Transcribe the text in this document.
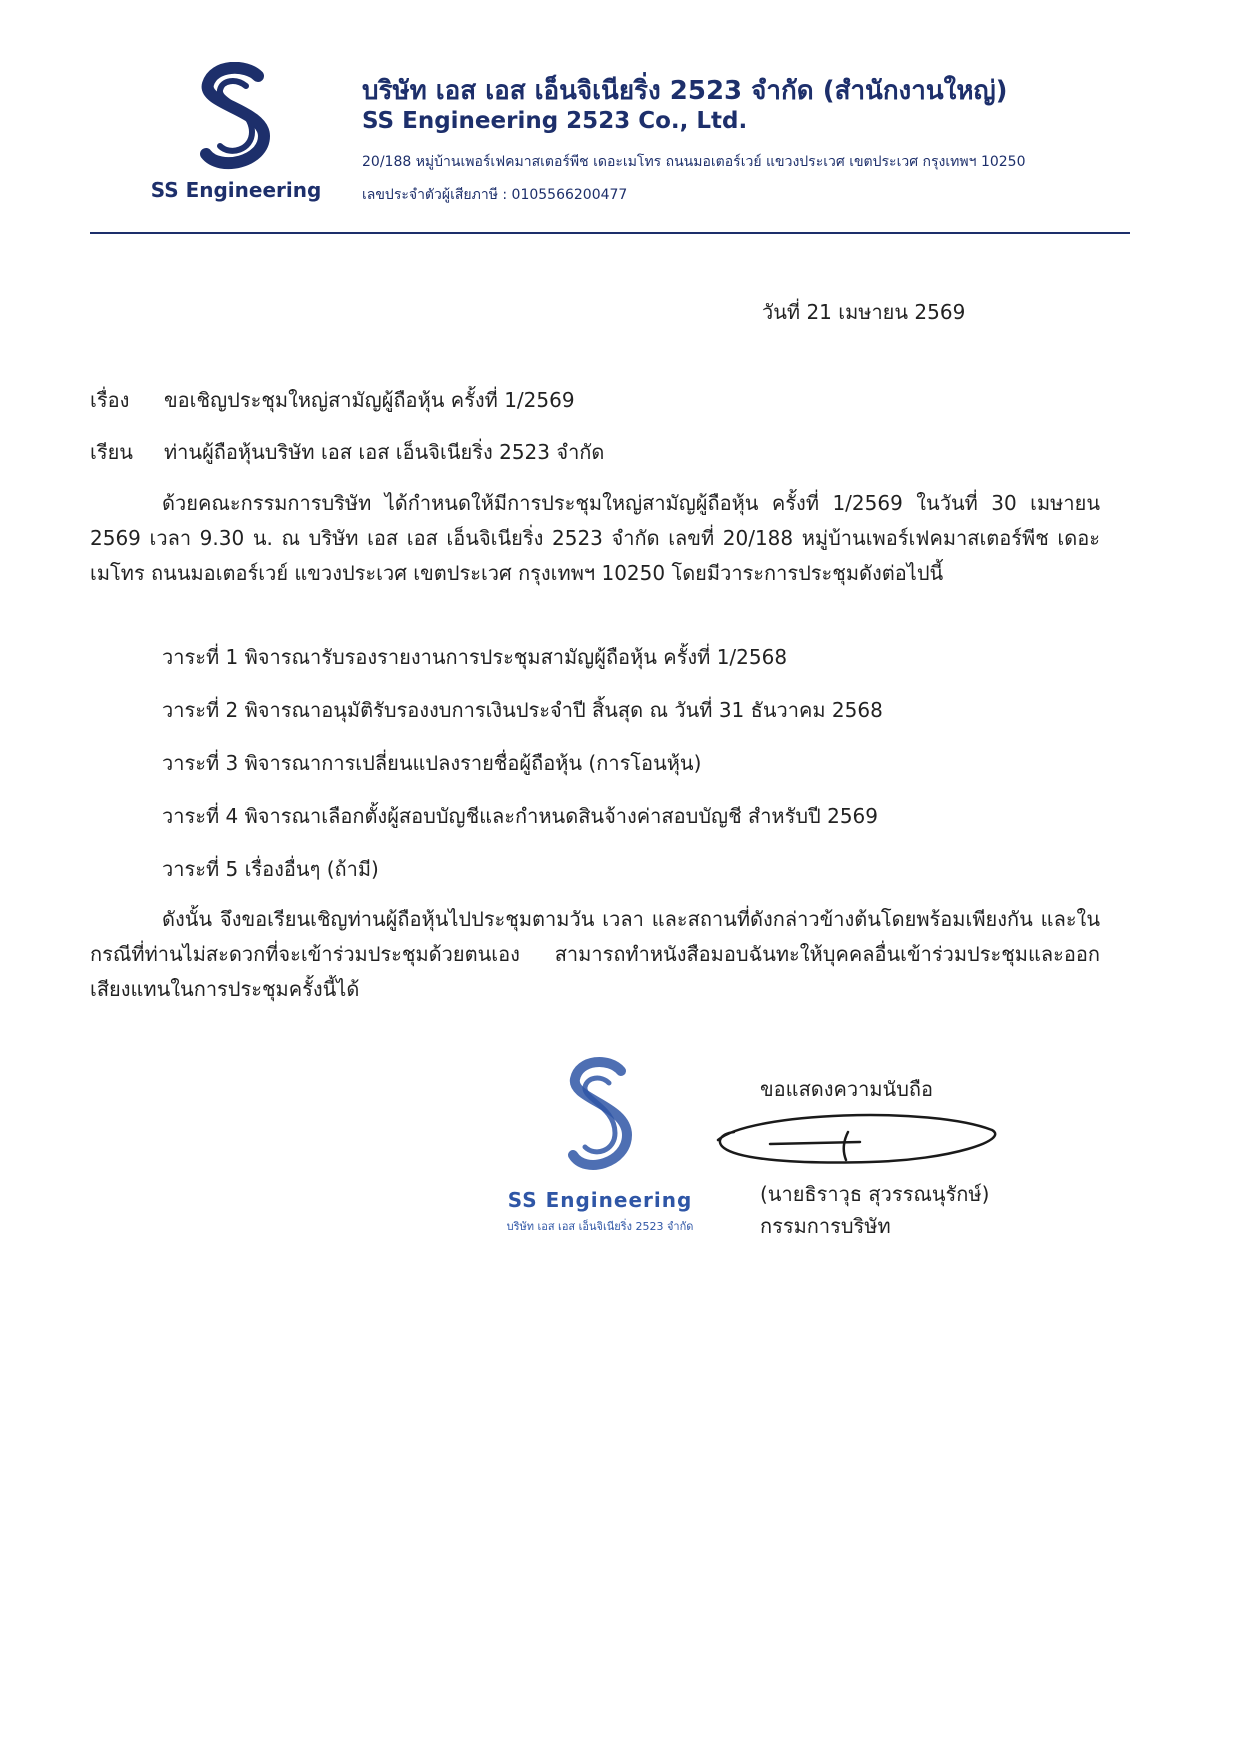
SS Engineering
บริษัท เอส เอส เอ็นจิเนียริ่ง 2523 จำกัด (สำนักงานใหญ่)
SS Engineering 2523 Co., Ltd.
20/188 หมู่บ้านเพอร์เฟคมาสเตอร์พีช เดอะเมโทร ถนนมอเตอร์เวย์ แขวงประเวศ เขตประเวศ กรุงเทพฯ 10250
เลขประจำตัวผู้เสียภาษี : 0105566200477
วันที่ 21 เมษายน 2569
เรื่อง ขอเชิญประชุมใหญ่สามัญผู้ถือหุ้น ครั้งที่ 1/2569
เรียน ท่านผู้ถือหุ้นบริษัท เอส เอส เอ็นจิเนียริ่ง 2523 จำกัด

ด้วยคณะกรรมการบริษัท ได้กำหนดให้มีการประชุมใหญ่สามัญผู้ถือหุ้น ครั้งที่ 1/2569 ในวันที่ 30 เมษายน 2569 เวลา 9.30 น. ณ บริษัท เอส เอส เอ็นจิเนียริ่ง 2523 จำกัด เลขที่ 20/188 หมู่บ้านเพอร์เฟคมาสเตอร์พีช เดอะเมโทร ถนนมอเตอร์เวย์ แขวงประเวศ เขตประเวศ กรุงเทพฯ 10250 โดยมีวาระการประชุมดังต่อไปนี้

วาระที่ 1 พิจารณารับรองรายงานการประชุมสามัญผู้ถือหุ้น ครั้งที่ 1/2568
วาระที่ 2 พิจารณาอนุมัติรับรองงบการเงินประจำปี สิ้นสุด ณ วันที่ 31 ธันวาคม 2568
วาระที่ 3 พิจารณาการเปลี่ยนแปลงรายชื่อผู้ถือหุ้น (การโอนหุ้น)
วาระที่ 4 พิจารณาเลือกตั้งผู้สอบบัญชีและกำหนดสินจ้างค่าสอบบัญชี สำหรับปี 2569
วาระที่ 5 เรื่องอื่นๆ (ถ้ามี)

ดังนั้น จึงขอเรียนเชิญท่านผู้ถือหุ้นไปประชุมตามวัน เวลา และสถานที่ดังกล่าวข้างต้นโดยพร้อมเพียงกัน และในกรณีที่ท่านไม่สะดวกที่จะเข้าร่วมประชุมด้วยตนเอง สามารถทำหนังสือมอบฉันทะให้บุคคลอื่นเข้าร่วมประชุมและออกเสียงแทนในการประชุมครั้งนี้ได้

SS Engineering
บริษัท เอส เอส เอ็นจิเนียริ่ง 2523 จำกัด
ขอแสดงความนับถือ
(นายธิราวุธ สุวรรณนุรักษ์)
กรรมการบริษัท
